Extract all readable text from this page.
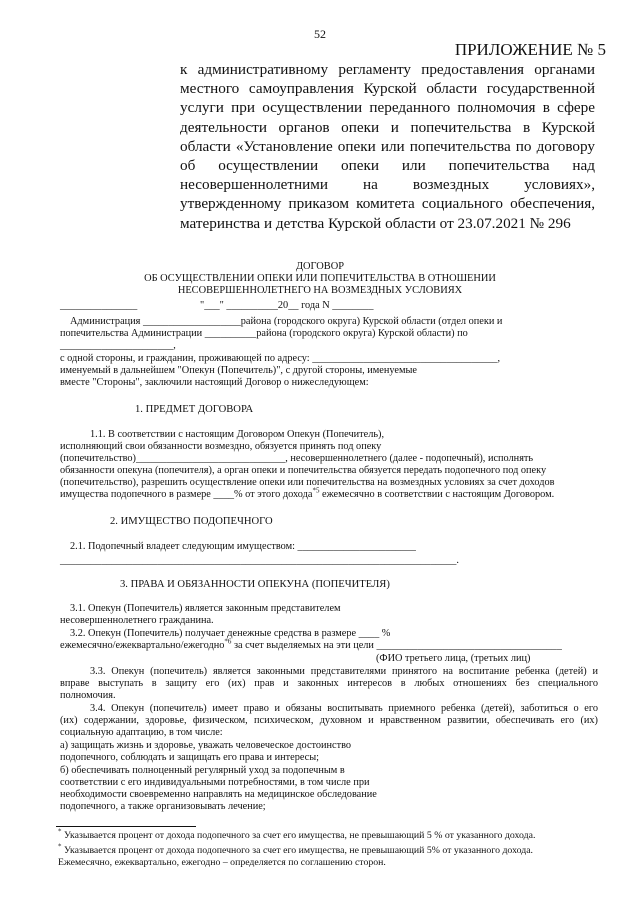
52
ПРИЛОЖЕНИЕ № 5
к административному регламенту предоставления органами местного самоуправления Курской области государственной услуги при осуществлении переданного полномочия в сфере деятельности органов опеки и попечительства в Курской области «Установление опеки или попечительства по договору об осуществлении опеки или попечительства над несовершеннолетними на возмездных условиях», утвержденному приказом комитета социального обеспечения, материнства и детства Курской области от 23.07.2021 № 296
ДОГОВОР
ОБ ОСУЩЕСТВЛЕНИИ ОПЕКИ ИЛИ ПОПЕЧИТЕЛЬСТВА В ОТНОШЕНИИ
НЕСОВЕРШЕННОЛЕТНЕГО НА ВОЗМЕЗДНЫХ УСЛОВИЯХ
_______________	"___" __________20__ года N ________
Администрация ___________________района (городского округа) Курской области (отдел опеки и
попечительства Администрации __________района (городского округа) Курской области) по
______________________,
с одной стороны, и гражданин, проживающей по адресу: ____________________________________,
именуемый в дальнейшем "Опекун (Попечитель)", с другой стороны, именуемые
вместе "Стороны", заключили настоящий Договор о нижеследующем:
1. ПРЕДМЕТ ДОГОВОРА
1.1. В соответствии с настоящим Договором Опекун (Попечитель),
исполняющий свои обязанности возмездно, обязуется принять под опеку
(попечительство)_____________________________, несовершеннолетнего (далее - подопечный), исполнять
обязанности опекуна (попечителя), а орган опеки и попечительства обязуется передать подопечного под опеку
(попечительство), разрешить осуществление опеки или попечительства на возмездных условиях за счет доходов
имущества подопечного в размере ____% от этого дохода$^{*5}$ ежемесячно в соответствии с настоящим Договором.
2. ИМУЩЕСТВО ПОДОПЕЧНОГО
2.1. Подопечный владеет следующим имуществом: _______________________
_____________________________________________________________________________.
3. ПРАВА И ОБЯЗАННОСТИ ОПЕКУНА (ПОПЕЧИТЕЛЯ)
3.1. Опекун (Попечитель) является законным представителем
несовершеннолетнего гражданина.
3.2. Опекун (Попечитель) получает денежные средства в размере ____ %
ежемесячно/ежеквартально/ежегодно$^{*6}$ за счет выделяемых на эти цели ____________________________________
(ФИО третьего лица, (третьих лиц)
3.3. Опекун (попечитель) является законными представителями принятого на воспитание ребенка (детей) и
вправе выступать в защиту его (их) прав и законных интересов в любых отношениях без специального
полномочия.
3.4. Опекун (попечитель) имеет право и обязаны воспитывать приемного ребенка (детей), заботиться о его
(их) содержании, здоровье, физическом, психическом, духовном и нравственном развитии, обеспечивать его (их)
социальную адаптацию, в том числе:
а) защищать жизнь и здоровье, уважать человеческое достоинство
подопечного, соблюдать и защищать его права и интересы;
б) обеспечивать полноценный регулярный уход за подопечным в
соответствии с его индивидуальными потребностями, в том числе при
необходимости своевременно направлять на медицинское обследование
подопечного, а также организовывать лечение;
* Указывается процент от дохода подопечного за счет его имущества, не превышающий 5 % от указанного дохода.
* Указывается процент от дохода подопечного за счет его имущества, не превышающий 5% от указанного дохода.
Ежемесячно, ежеквартально, ежегодно – определяется по соглашению сторон.
